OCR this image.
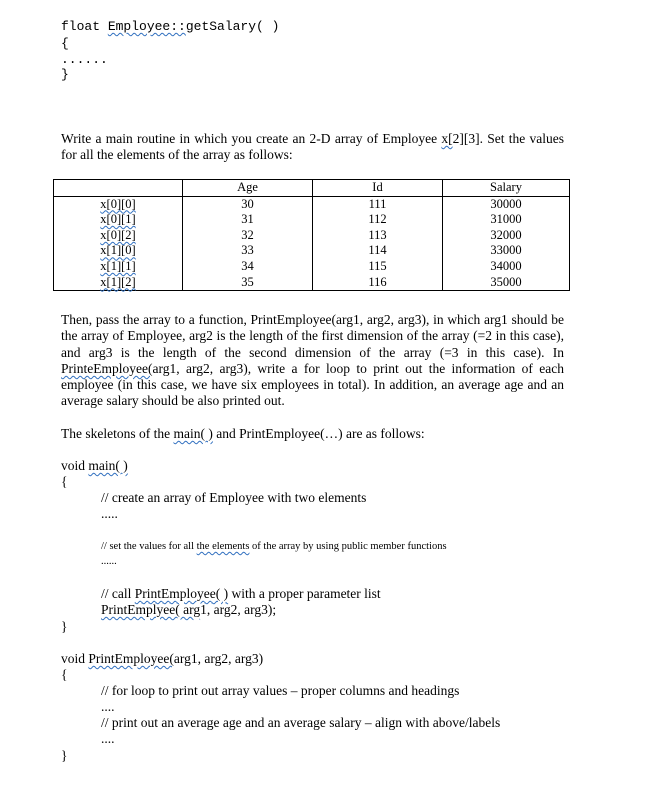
float Employee::getSalary( )
{
......
}
Write a main routine in which you create an 2-D array of Employee x[2][3]. Set the values for all the elements of the array as follows:
	Age	Id	Salary
x[0][0]	30	111	30000
x[0][1]	31	112	31000
x[0][2]	32	113	32000
x[1][0]	33	114	33000
x[1][1]	34	115	34000
x[1][2]	35	116	35000
Then, pass the array to a function, PrintEmployee(arg1, arg2, arg3), in which arg1 should be the array of Employee, arg2 is the length of the first dimension of the array (=2 in this case), and arg3 is the length of the second dimension of the array (=3 in this case). In PrinteEmployee(arg1, arg2, arg3), write a for loop to print out the information of each employee (in this case, we have six employees in total). In addition, an average age and an average salary should be also printed out.
The skeletons of the main( ) and PrintEmployee(…) are as follows:
void main( )
{
// create an array of Employee with two elements
.....
// set the values for all the elements of the array by using public member functions
......
// call PrintEmployee( ) with a proper parameter list
PrintEmplyee( arg1, arg2, arg3);
}
void PrintEmployee(arg1, arg2, arg3)
{
// for loop to print out array values – proper columns and headings
....
// print out an average age and an average salary – align with above/labels
....
}
